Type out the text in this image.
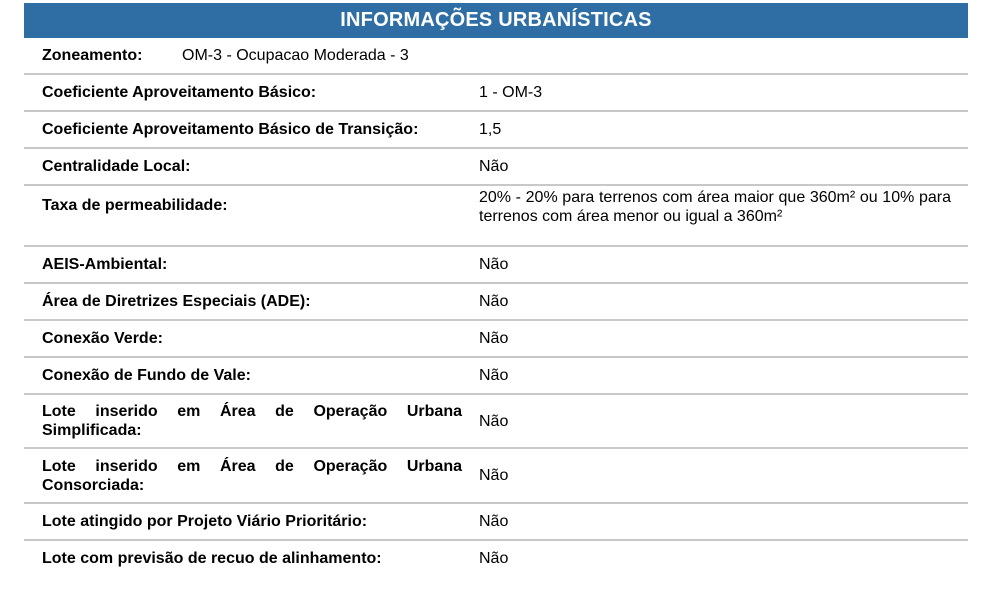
INFORMAÇÕES URBANÍSTICAS
Zoneamento: OM-3 - Ocupacao Moderada - 3
Coeficiente Aproveitamento Básico:	1 - OM-3
Coeficiente Aproveitamento Básico de Transição:	1,5
Centralidade Local:	Não
Taxa de permeabilidade:	20% - 20% para terrenos com área maior que 360m² ou 10% para terrenos com área menor ou igual a 360m²
AEIS-Ambiental:	Não
Área de Diretrizes Especiais (ADE):	Não
Conexão Verde:	Não
Conexão de Fundo de Vale:	Não
Lote inserido em Área de Operação Urbana Simplificada:
Não
Lote inserido em Área de Operação Urbana Consorciada:
Não
Lote atingido por Projeto Viário Prioritário:	Não
Lote com previsão de recuo de alinhamento:	Não
